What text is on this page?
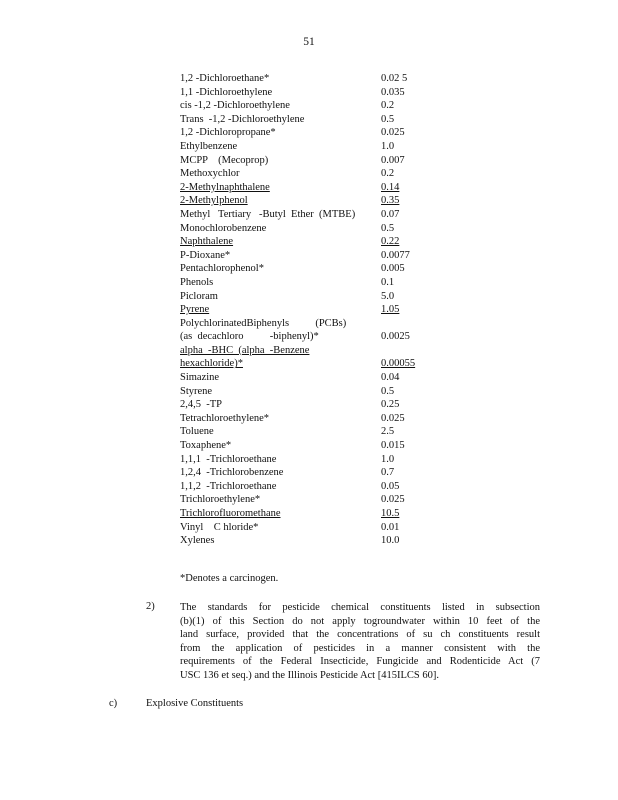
51
1,2 -Dichloroethane*	0.02 5
1,1 -Dichloroethylene	0.035
cis -1,2 -Dichloroethylene	0.2
Trans  -1,2 -Dichloroethylene	0.5
1,2 -Dichloropropane*	0.025
Ethylbenzene	1.0
MCPP    (Mecoprop)	0.007
Methoxychlor	0.2
2-Methylnaphthalene	0.14
2-Methylphenol	0.35
Methyl   Tertiary   -Butyl  Ether  (MTBE) 0.07
Monochlorobenzene	0.5
Naphthalene	0.22
P-Dioxane*	0.0077
Pentachlorophenol*	0.005
Phenols	0.1
Picloram	5.0
Pyrene	1.05
PolychlorinatedBiphenyls          (PCBs)
(as  decachloro          -biphenyl)*	0.0025
alpha  -BHC  (alpha  -Benzene
hexachloride)*	0.00055
Simazine	0.04
Styrene	0.5
2,4,5  -TP	0.25
Tetrachloroethylene*	0.025
Toluene	2.5
Toxaphene*	0.015
1,1,1  -Trichloroethane	1.0
1,2,4  -Trichlorobenzene	0.7
1,1,2  -Trichloroethane	0.05
Trichloroethylene*	0.025
Trichlorofluoromethane	10.5
Vinyl    C hloride*	0.01
Xylenes	10.0
*Denotes a carcinogen.
2) The standards for pesticide chemical constituents listed in subsection
(b)(1) of this Section do not apply togroundwater within 10 feet of the
land surface, provided that the concentrations of su ch constituents result
from the application of pesticides in a manner consistent with the
requirements of the Federal Insecticide, Fungicide and Rodenticide Act (7
USC 136 et seq.) and the Illinois Pesticide Act [415ILCS 60].
c)	Explosive Constituents
